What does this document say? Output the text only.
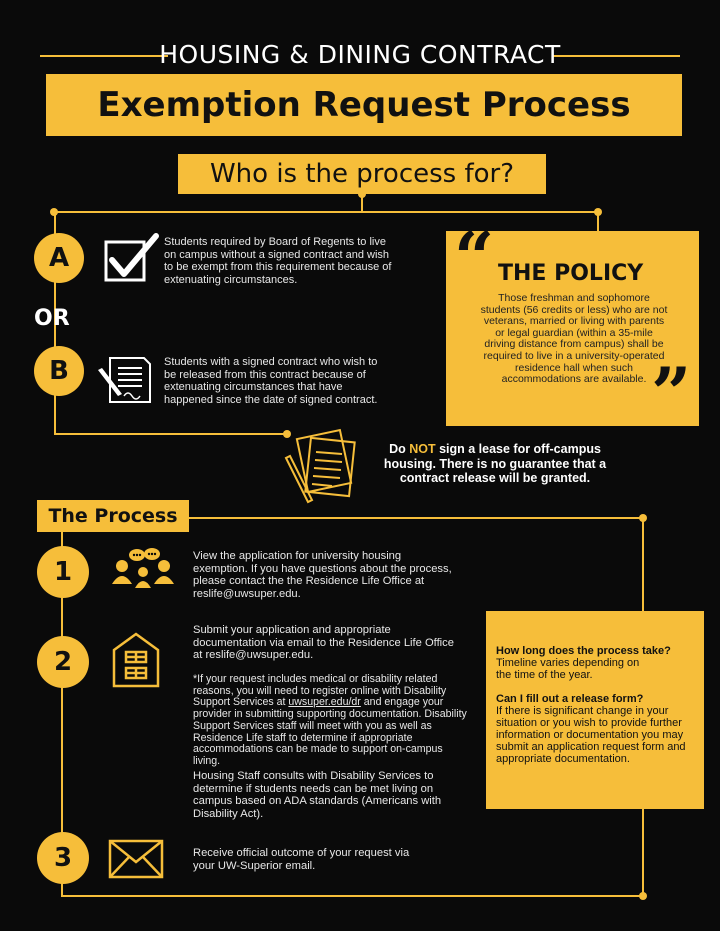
HOUSING & DINING CONTRACT
Exemption Request Process
Who is the process for?
A
Students required by Board of Regents to live on campus without a signed contract and wish to be exempt from this requirement because of extenuating circumstances.
OR
B	Students with a signed contract who wish to be released from this contract because of extenuating circumstances that have happened since the date of signed contract.
“ THE POLICY
Those freshman and sophomore students (56 credits or less) who are not veterans, married or living with parents or legal guardian (within a 35-mile driving distance from campus) shall be required to live in a university-operated residence hall when such accommodations are available. ”
Do NOT sign a lease for off-campus housing. There is no guarantee that a contract release will be granted.
The Process
1
View the application for university housing exemption. If you have questions about the process, please contact the the Residence Life Office at reslife@uwsuper.edu.
2
Submit your application and appropriate documentation via email to the Residence Life Office at reslife@uwsuper.edu.
*If your request includes medical or disability related reasons, you will need to register online with Disability Support Services at uwsuper.edu/dr and engage your provider in submitting supporting documentation. Disability Support Services staff will meet with you as well as Residence Life staff to determine if appropriate accommodations can be made to support on-campus living.
Housing Staff consults with Disability Services to determine if students needs can be met living on campus based on ADA standards (Americans with Disability Act).
3	Receive official outcome of your request via your UW-Superior email.
How long does the process take?
Timeline varies depending on the time of the year.
Can I fill out a release form?
If there is significant change in your situation or you wish to provide further information or documentation you may submit an application request form and appropriate documentation.
